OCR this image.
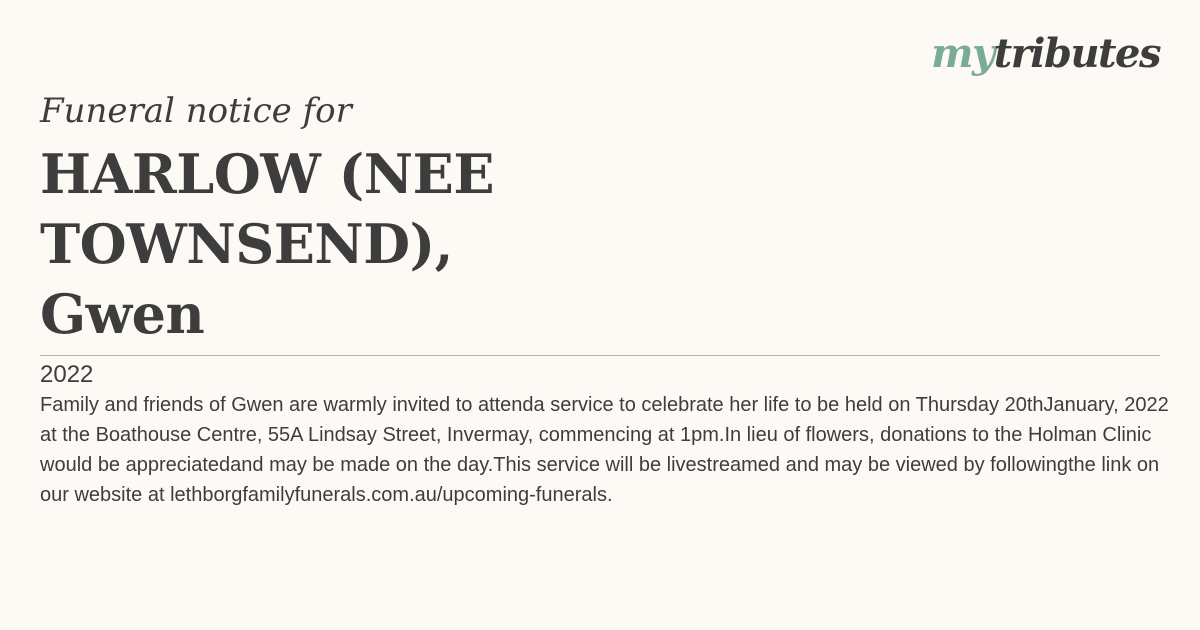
mytributes
Funeral notice for
HARLOW (NEE TOWNSEND),
Gwen
2022
Family and friends of Gwen are warmly invited to attenda service to celebrate her life to be held on Thursday 20thJanuary, 2022 at the Boathouse Centre, 55A Lindsay Street, Invermay, commencing at 1pm.In lieu of flowers, donations to the Holman Clinic would be appreciatedand may be made on the day.This service will be livestreamed and may be viewed by followingthe link on our website at lethborgfamilyfunerals.com.au/upcoming-funerals.
